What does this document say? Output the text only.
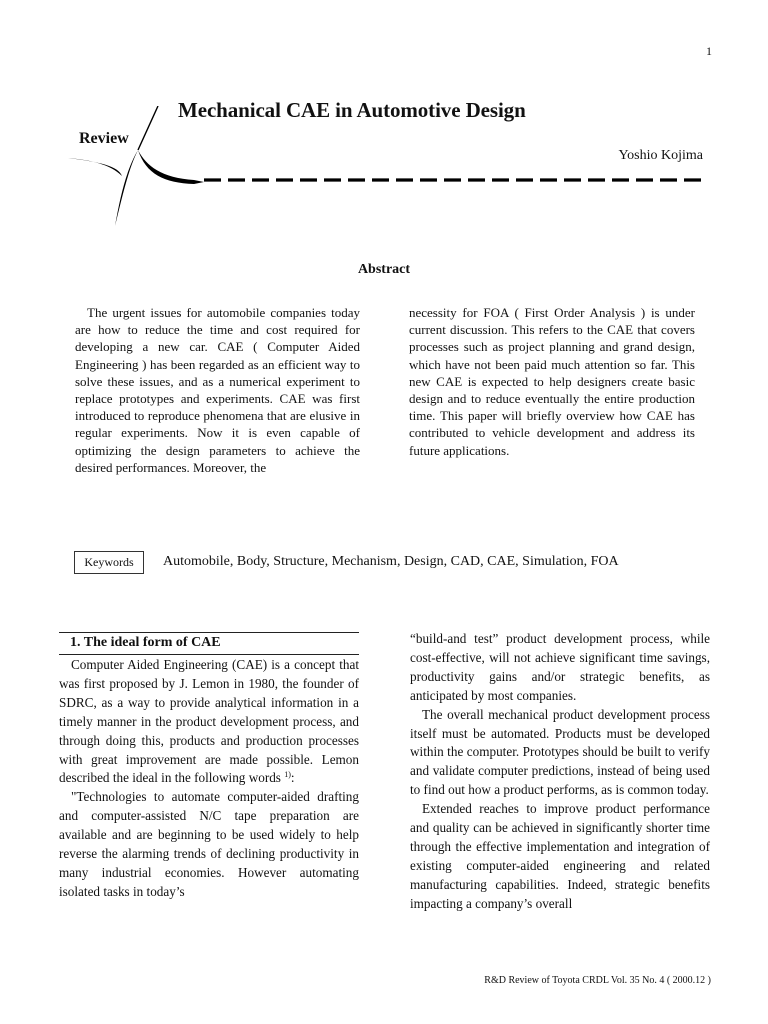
1
Mechanical CAE in Automotive Design
Review
Yoshio Kojima
Abstract

The urgent issues for automobile companies today are how to reduce the time and cost required for developing a new car. CAE ( Computer Aided Engineering ) has been regarded as an efficient way to solve these issues, and as a numerical experiment to replace prototypes and experiments. CAE was first introduced to reproduce phenomena that are elusive in regular experiments. Now it is even capable of optimizing the design parameters to achieve the desired performances. Moreover, the

necessity for FOA ( First Order Analysis ) is under current discussion. This refers to the CAE that covers processes such as project planning and grand design, which have not been paid much attention so far. This new CAE is expected to help designers create basic design and to reduce eventually the entire production time. This paper will briefly overview how CAE has contributed to vehicle development and address its future applications.

Keywords	Automobile, Body, Structure, Mechanism, Design, CAD, CAE, Simulation, FOA
1. The ideal form of CAE

Computer Aided Engineering (CAE) is a concept that was first proposed by J. Lemon in 1980, the founder of SDRC, as a way to provide analytical information in a timely manner in the product development process, and through doing this, products and production processes with great improvement are made possible. Lemon described the ideal in the following words $^{1)}$:

"Technologies to automate computer-aided drafting and computer-assisted N/C tape preparation are available and are beginning to be used widely to help reverse the alarming trends of declining productivity in many industrial economies. However automating isolated tasks in today’s

“build-and test” product development process, while cost-effective, will not achieve significant time savings, productivity gains and/or strategic benefits, as anticipated by most companies.

The overall mechanical product development process itself must be automated. Products must be developed within the computer. Prototypes should be built to verify and validate computer predictions, instead of being used to find out how a product performs, as is common today.

Extended reaches to improve product performance and quality can be achieved in significantly shorter time through the effective implementation and integration of existing computer-aided engineering and related manufacturing capabilities. Indeed, strategic benefits impacting a company’s overall

R&D Review of Toyota CRDL Vol. 35 No. 4 ( 2000.12 )
